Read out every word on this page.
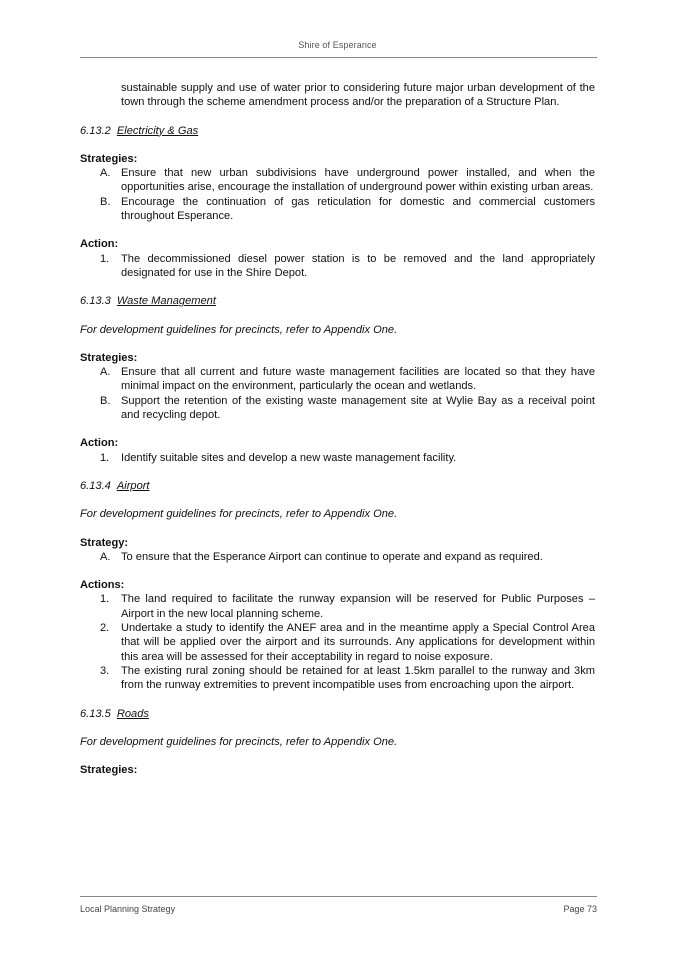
Shire of Esperance

sustainable supply and use of water prior to considering future major urban development of the town through the scheme amendment process and/or the preparation of a Structure Plan.

6.13.2 Electricity & Gas
Strategies:
A. Ensure that new urban subdivisions have underground power installed, and when the opportunities arise, encourage the installation of underground power within existing urban areas.
B. Encourage the continuation of gas reticulation for domestic and commercial customers throughout Esperance.
Action:
1.	The decommissioned diesel power station is to be removed and the land appropriately designated for use in the Shire Depot.
6.13.3 Waste Management
For development guidelines for precincts, refer to Appendix One.
Strategies:
A. Ensure that all current and future waste management facilities are located so that they have minimal impact on the environment, particularly the ocean and wetlands.
B. Support the retention of the existing waste management site at Wylie Bay as a receival point and recycling depot.
Action:
1.	Identify suitable sites and develop a new waste management facility.
6.13.4 Airport
For development guidelines for precincts, refer to Appendix One.
Strategy:
A. To ensure that the Esperance Airport can continue to operate and expand as required.
Actions:
1.	The land required to facilitate the runway expansion will be reserved for Public Purposes – Airport in the new local planning scheme.
2.	Undertake a study to identify the ANEF area and in the meantime apply a Special Control Area that will be applied over the airport and its surrounds. Any applications for development within this area will be assessed for their acceptability in regard to noise exposure.
3.	The existing rural zoning should be retained for at least 1.5km parallel to the runway and 3km from the runway extremities to prevent incompatible uses from encroaching upon the airport.
6.13.5 Roads
For development guidelines for precincts, refer to Appendix One.
Strategies:
Local Planning Strategy	Page 73
